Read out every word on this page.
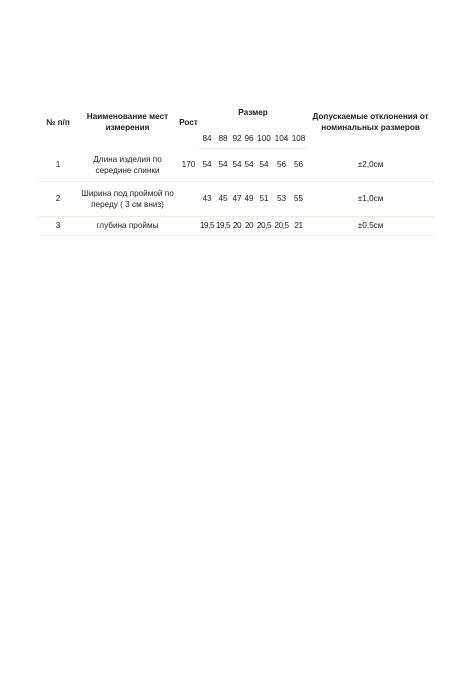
№ п/п	Наименование мест измерения	Рост	Размер							Допускаемые отклонения от номинальных размеров
			84	88	92	96	100	104	108	
1	Длина изделия по середине спинки	170	54	54	54	54	54	56	56	±2,0см
2	Ширина под проймой по переду ( 3 см вниз)		43	45	47	49	51	53	55	±1,0см
3	глубина проймы		19,5	19,5	20	20	20,5	20,5	21	±0,5см
